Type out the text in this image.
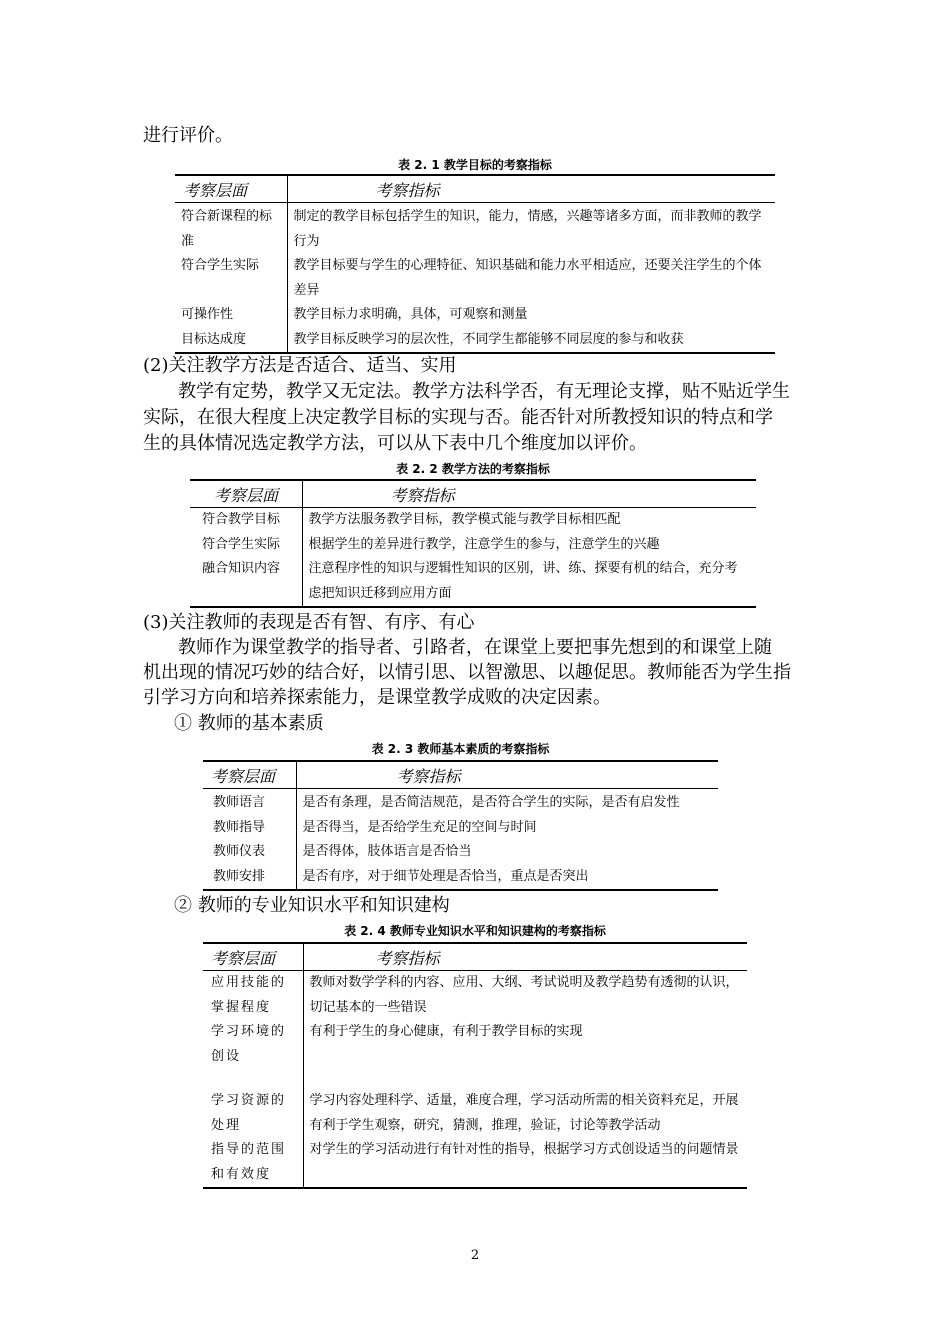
进行评价。
表 2. 1 教学目标的考察指标
考察层面	考察指标
符合新课程的标准	制定的教学目标包括学生的知识，能力，情感，兴趣等诸多方面，而非教师的教学行为
符合学生实际	教学目标要与学生的心理特征、知识基础和能力水平相适应，还要关注学生的个体差异
可操作性	教学目标力求明确，具体，可观察和测量
目标达成度	教学目标反映学习的层次性，不同学生都能够不同层度的参与和收获
(2)关注教学方法是否适合、适当、实用
教学有定势，教学又无定法。教学方法科学否，有无理论支撑，贴不贴近学生
实际，在很大程度上决定教学目标的实现与否。能否针对所教授知识的特点和学
生的具体情况选定教学方法，可以从下表中几个维度加以评价。
表 2. 2 教学方法的考察指标
考察层面	考察指标
符合教学目标	教学方法服务教学目标，教学模式能与教学目标相匹配
符合学生实际	根据学生的差异进行教学，注意学生的参与，注意学生的兴趣
融合知识内容	注意程序性的知识与逻辑性知识的区别，讲、练、探要有机的结合，充分考虑把知识迁移到应用方面
(3)关注教师的表现是否有智、有序、有心
教师作为课堂教学的指导者、引路者，在课堂上要把事先想到的和课堂上随
机出现的情况巧妙的结合好，以情引思、以智激思、以趣促思。教师能否为学生指
引学习方向和培养探索能力，是课堂教学成败的决定因素。
① 教师的基本素质
表 2. 3 教师基本素质的考察指标
考察层面	考察指标
教师语言	是否有条理，是否简洁规范，是否符合学生的实际，是否有启发性
教师指导	是否得当，是否给学生充足的空间与时间
教师仪表	是否得体，肢体语言是否恰当
教师安排	是否有序，对于细节处理是否恰当，重点是否突出
② 教师的专业知识水平和知识建构
表 2. 4 教师专业知识水平和知识建构的考察指标
考察层面	考察指标
应用技能的掌握程度	教师对数学学科的内容、应用、大纲、考试说明及教学趋势有透彻的认识，切记基本的一些错误
学习环境的创设	有利于学生的身心健康，有利于教学目标的实现
学习资源的处理	学习内容处理科学、适量，难度合理，学习活动所需的相关资料充足，开展有利于学生观察，研究，猜测，推理，验证，讨论等教学活动
指导的范围和有效度	对学生的学习活动进行有针对性的指导，根据学习方式创设适当的问题情景
2
